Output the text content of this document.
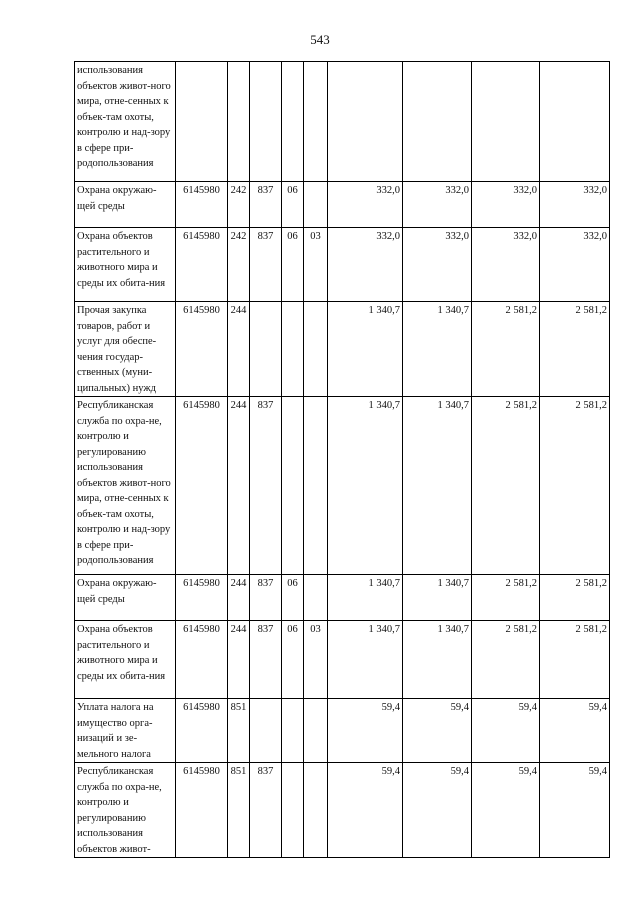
543
использования объектов живот-ного мира, отне-сенных к объек-там охоты, контролю и над-зору в сфере при-родопользования									
Охрана окружаю-щей среды	6145980	242	837	06		332,0	332,0	332,0	332,0
Охрана объектов растительного и животного мира и среды их обита-ния	6145980	242	837	06	03	332,0	332,0	332,0	332,0
Прочая закупка товаров, работ и услуг для обеспе-чения государ-ственных (муни-ципальных) нужд	6145980	244				1 340,7	1 340,7	2 581,2	2 581,2
Республиканская служба по охра-не, контролю и регулированию использования объектов живот-ного мира, отне-сенных к объек-там охоты, контролю и над-зору в сфере при-родопользования	6145980	244	837			1 340,7	1 340,7	2 581,2	2 581,2
Охрана окружаю-щей среды	6145980	244	837	06		1 340,7	1 340,7	2 581,2	2 581,2
Охрана объектов растительного и животного мира и среды их обита-ния	6145980	244	837	06	03	1 340,7	1 340,7	2 581,2	2 581,2
Уплата налога на имущество орга-низаций и зе-мельного налога	6145980	851				59,4	59,4	59,4	59,4
Республиканская служба по охра-не, контролю и регулированию использования объектов живот-	6145980	851	837			59,4	59,4	59,4	59,4
